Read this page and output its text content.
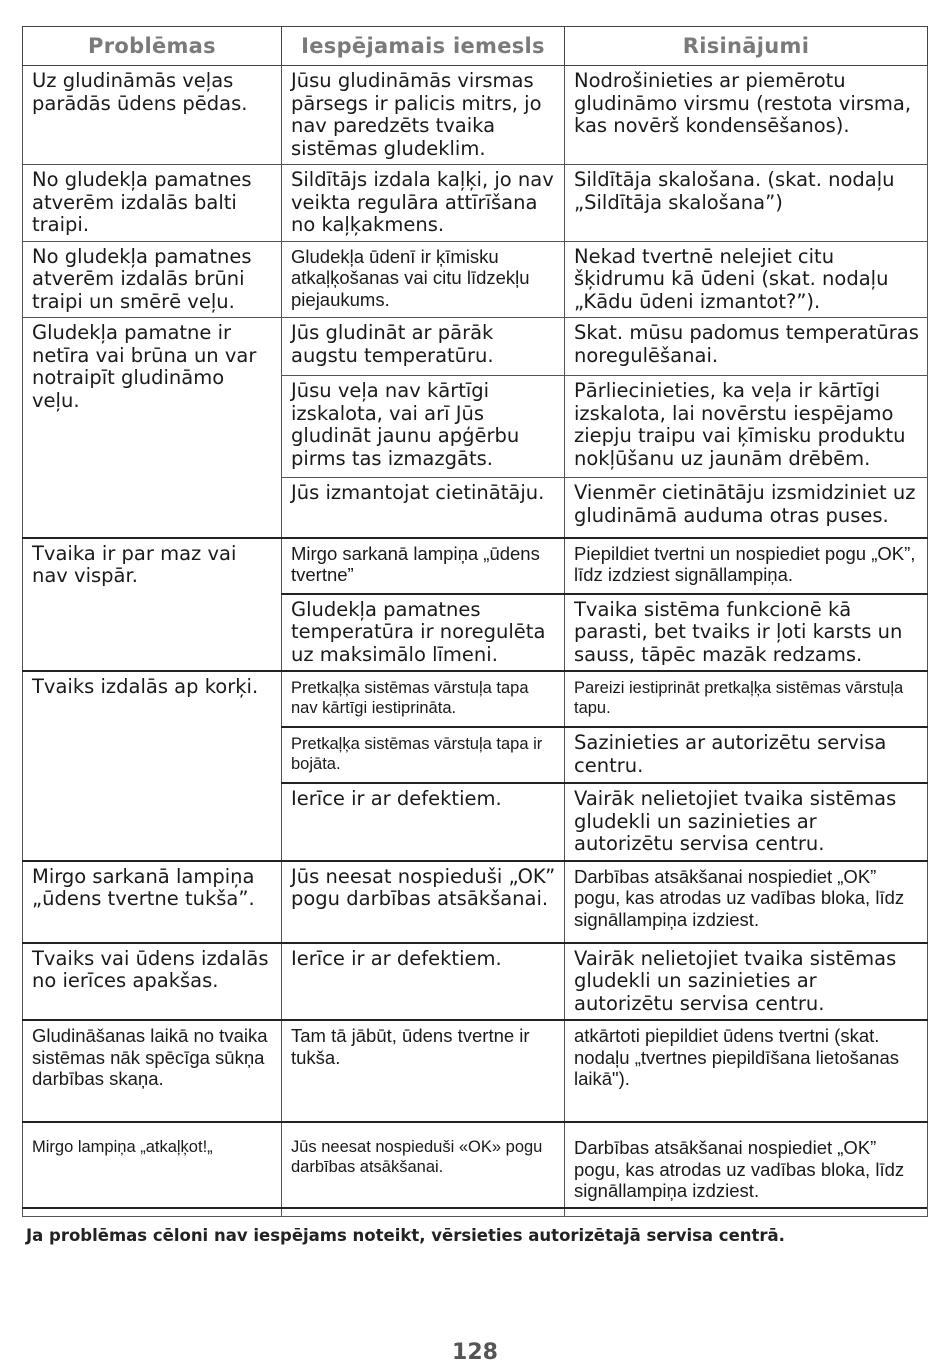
Problēmas	Iespējamais iemesls	Risinājumi
Uz gludināmās veļas parādās ūdens pēdas.	Jūsu gludināmās virsmas pārsegs ir palicis mitrs, jo nav paredzēts tvaika sistēmas gludeklim.	Nodrošinieties ar piemērotu gludināmo virsmu (restota virsma, kas novērš kondensēšanos).
No gludekļa pamatnes atverēm izdalās balti traipi.	Sildītājs izdala kaļķi, jo nav veikta regulāra attīrīšana no kaļķakmens.	Sildītāja skalošana. (skat. nodaļu „Sildītāja skalošana”)
No gludekļa pamatnes atverēm izdalās brūni traipi un smērē veļu.	Gludekļa ūdenī ir ķīmisku atkaļķošanas vai citu līdzekļu piejaukums.	Nekad tvertnē nelejiet citu šķidrumu kā ūdeni (skat. nodaļu „Kādu ūdeni izmantot?”).
Gludekļa pamatne ir netīra vai brūna un var notraipīt gludināmo veļu.	Jūs gludināt ar pārāk augstu temperatūru.	Skat. mūsu padomus temperatūras noregulēšanai.
	Jūsu veļa nav kārtīgi izskalota, vai arī Jūs gludināt jaunu apģērbu pirms tas izmazgāts.	Pārliecinieties, ka veļa ir kārtīgi izskalota, lai novērstu iespējamo ziepju traipu vai ķīmisku produktu nokļūšanu uz jaunām drēbēm.
	Jūs izmantojat cietinātāju.	Vienmēr cietinātāju izsmidziniet uz gludināmā auduma otras puses.
Tvaika ir par maz vai nav vispār.	Mirgo sarkanā lampiņa „ūdens tvertne”	Piepildiet tvertni un nospiediet pogu „OK”, līdz izdziest signāllampiņa.
	Gludekļa pamatnes temperatūra ir noregulēta uz maksimālo līmeni.	Tvaika sistēma funkcionē kā parasti, bet tvaiks ir ļoti karsts un sauss, tāpēc mazāk redzams.
Tvaiks izdalās ap korķi.	Pretkaļķa sistēmas vārstuļa tapa nav kārtīgi iestiprināta.	Pareizi iestiprināt pretkaļķa sistēmas vārstuļa tapu.
	Pretkaļķa sistēmas vārstuļa tapa ir bojāta.	Sazinieties ar autorizētu servisa centru.
	Ierīce ir ar defektiem.	Vairāk nelietojiet tvaika sistēmas gludekli un sazinieties ar autorizētu servisa centru.
Mirgo sarkanā lampiņa „ūdens tvertne tukša”.	Jūs neesat nospieduši „OK” pogu darbības atsākšanai.	Darbības atsākšanai nospiediet „OK” pogu, kas atrodas uz vadības bloka, līdz signāllampiņa izdziest.
Tvaiks vai ūdens izdalās no ierīces apakšas.	Ierīce ir ar defektiem.	Vairāk nelietojiet tvaika sistēmas gludekli un sazinieties ar autorizētu servisa centru.
Gludināšanas laikā no tvaika sistēmas nāk spēcīga sūkņa darbības skaņa.	Tam tā jābūt, ūdens tvertne ir tukša.	atkārtoti piepildiet ūdens tvertni (skat. nodaļu „tvertnes piepildīšana lietošanas laikā").
Mirgo lampiņa „atkaļķot!„	Jūs neesat nospieduši «OK» pogu darbības atsākšanai.	Darbības atsākšanai nospiediet „OK” pogu, kas atrodas uz vadības bloka, līdz signāllampiņa izdziest.
Ja problēmas cēloni nav iespējams noteikt, vērsieties autorizētajā servisa centrā.
128
